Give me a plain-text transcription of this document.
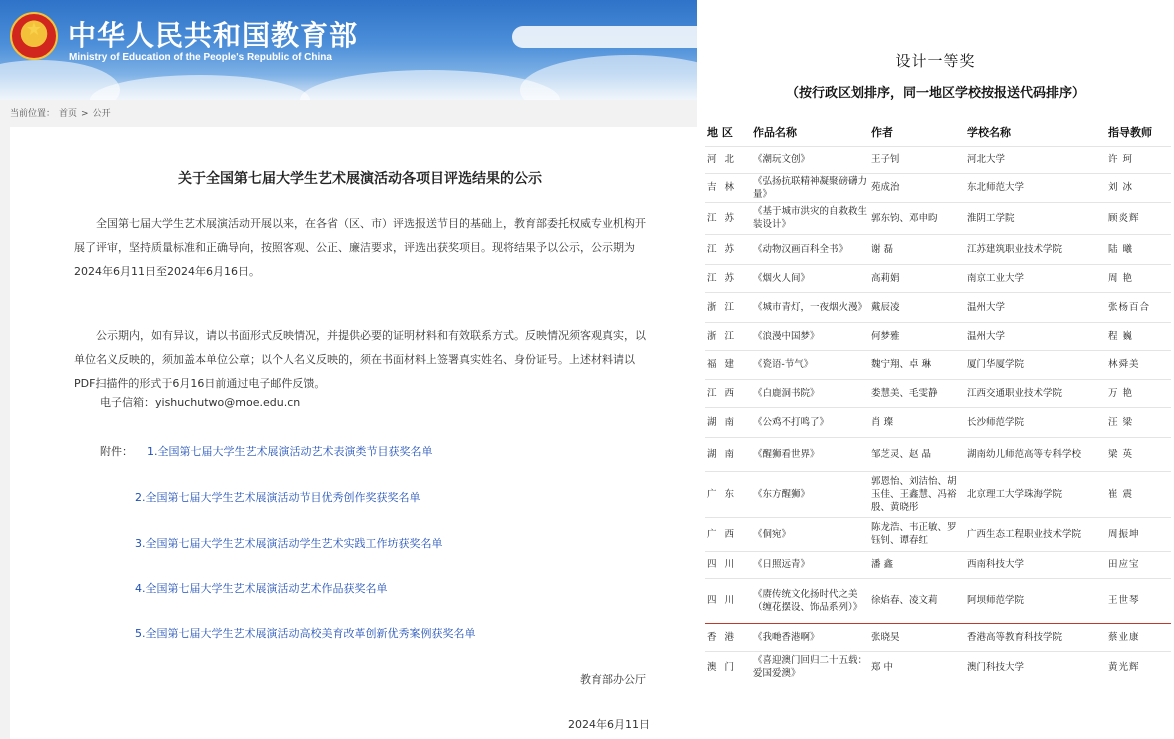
★ 中华人民共和国教育部
Ministry of Education of the People's Republic of China
当前位置： 首页 > 公开
关于全国第七届大学生艺术展演活动各项目评选结果的公示
全国第七届大学生艺术展演活动开展以来，在各省（区、市）评选报送节目的基础上，教育部委托权威专业机构开展了评审，坚持质量标准和正确导向，按照客观、公正、廉洁要求，评选出获奖项目。现将结果予以公示，公示期为2024年6月11日至2024年6月16日。
公示期内，如有异议，请以书面形式反映情况，并提供必要的证明材料和有效联系方式。反映情况须客观真实，以单位名义反映的，须加盖本单位公章；以个人名义反映的，须在书面材料上签署真实姓名、身份证号。上述材料请以PDF扫描件的形式于6月16日前通过电子邮件反馈。
电子信箱：yishuchutwo@moe.edu.cn
附件： 1.全国第七届大学生艺术展演活动艺术表演类节目获奖名单
2.全国第七届大学生艺术展演活动节目优秀创作奖获奖名单
3.全国第七届大学生艺术展演活动学生艺术实践工作坊获奖名单
4.全国第七届大学生艺术展演活动艺术作品获奖名单
5.全国第七届大学生艺术展演活动高校美育改革创新优秀案例获奖名单
教育部办公厅
2024年6月11日
设计一等奖
（按行政区划排序，同一地区学校按报送代码排序）
地 区	作品名称	作者	学校名称	指导教师
河北	《潮玩文创》	王子钊	河北大学	许 珂
吉林	《弘扬抗联精神凝聚磅礴力量》	苑成治	东北师范大学	刘 冰
江苏	《基于城市洪灾的自救救生装设计》	郭东钧、邓申昀	淮阴工学院	顾炎辉
江苏	《动物汉画百科全书》	谢 磊	江苏建筑职业技术学院	陆 曦
江苏	《烟火人间》	高莉娟	南京工业大学	周 艳
浙江	《城市青灯，一夜烟火漫》	戴辰凌	温州大学	张杨百合
浙江	《浪漫中国梦》	何梦雅	温州大学	程 巍
福建	《瓷语-节气》	魏宁翔、卓 琳	厦门华厦学院	林舜美
江西	《白鹿洞书院》	娄慧美、毛雯静	江西交通职业技术学院	万 艳
湖南	《公鸡不打鸣了》	肖 璨	长沙师范学院	汪 梁
湖南	《醒狮看世界》	邹芝灵、赵 晶	湖南幼儿师范高等专科学校	梁 英
广东	《东方醒狮》	郭恩怡、刘洁怡、胡玉佳、王鑫慧、冯裕殷、黄晓彤	北京理工大学珠海学院	崔 震
广西	《侗宛》	陈龙浩、韦正敏、罗钰钊、谭春红	广西生态工程职业技术学院	周振坤
四川	《日照远青》	潘 鑫	西南科技大学	田应宝
四川	《赓传统文化扬时代之美（缠花摆设、饰品系列）》	徐焰春、凌文莉	阿坝师范学院	王世琴
香港	《我哋香港啊》	张晓昊	香港高等教育科技学院	蔡业康
澳门	《喜迎澳门回归二十五载：爱国爱澳》	郑 中	澳门科技大学	黄光辉
